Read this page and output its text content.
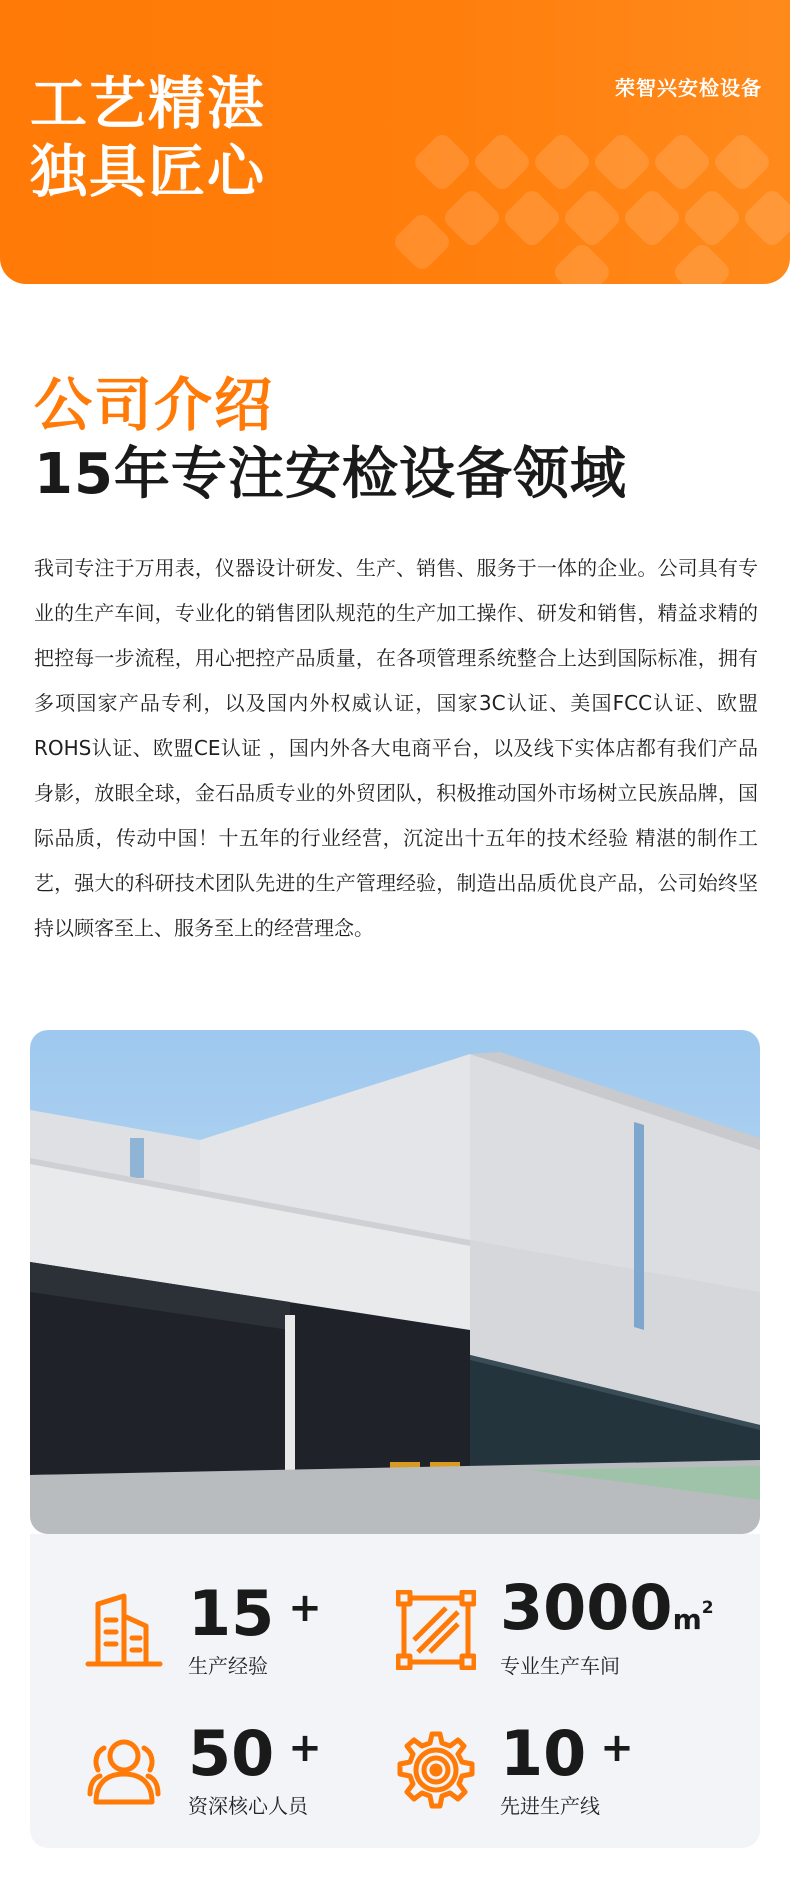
工艺精湛
独具匠心
荣智兴安检设备
公司介绍
15年专注安检设备领域

我司专注于万用表，仪器设计研发、生产、销售、服务于一体的企业。公司具有专业的生产车间，专业化的销售团队规范的生产加工操作、研发和销售，精益求精的把控每一步流程，用心把控产品质量，在各项管理系统整合上达到国际标准，拥有多项国家产品专利，以及国内外权威认证，国家3C认证、美国FCC认证、欧盟ROHS认证、欧盟CE认证 ，国内外各大电商平台，以及线下实体店都有我们产品身影，放眼全球，金石品质专业的外贸团队，积极推动国外市场树立民族品牌，国际品质，传动中国！十五年的行业经营，沉淀出十五年的技术经验 精湛的制作工艺，强大的科研技术团队先进的生产管理经验，制造出品质优良产品，公司始终坚持以顾客至上、服务至上的经营理念。

15 +
生产经验
$3000m^2$
专业生产车间
50 +
资深核心人员
10 +
先进生产线
